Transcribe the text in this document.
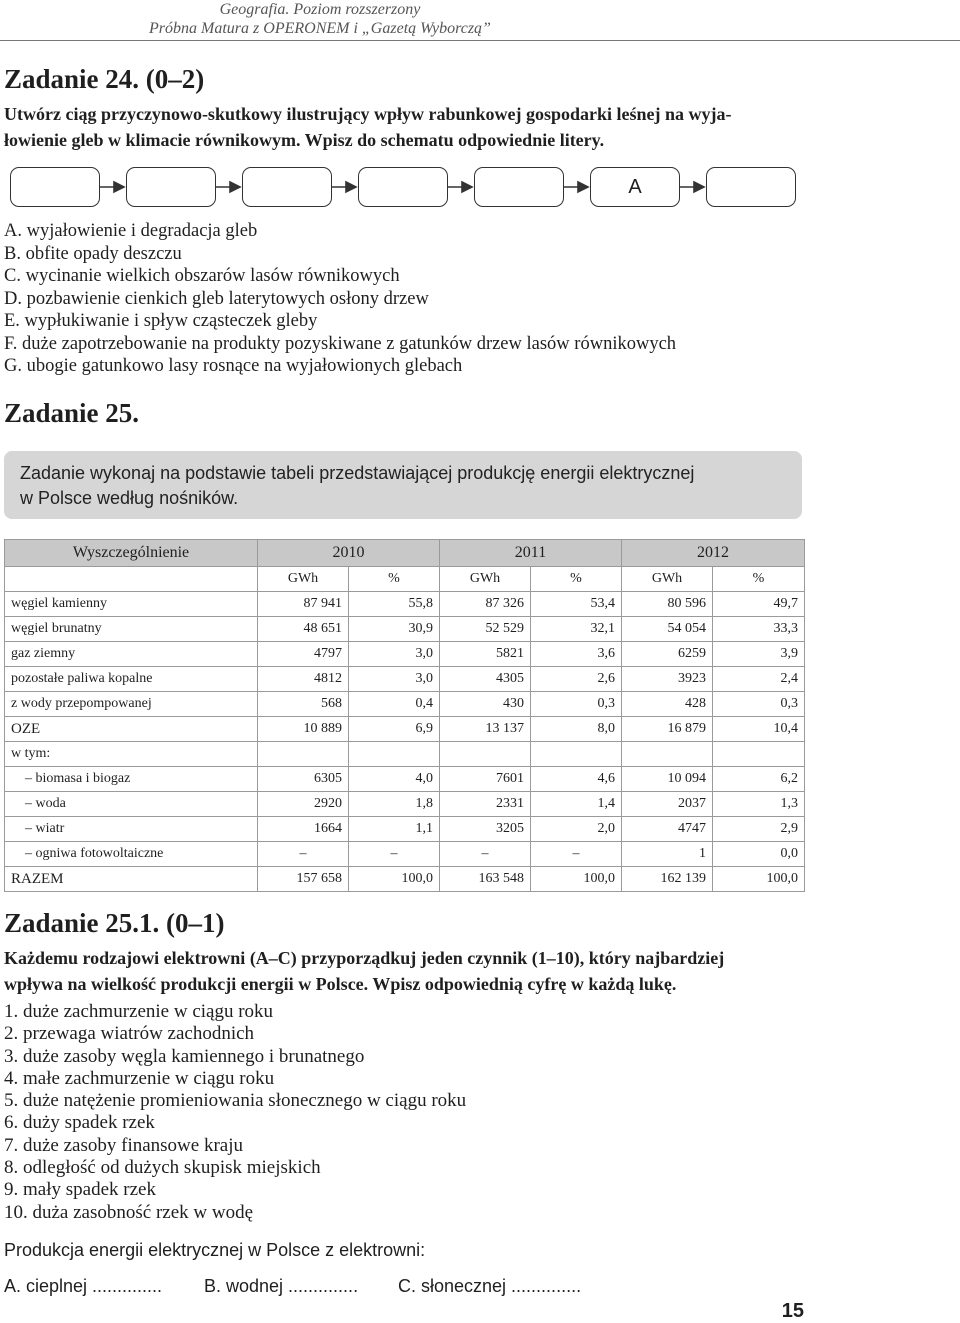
Geografia. Poziom rozszerzony
Próbna Matura z OPERONEM i „Gazetą Wyborczą”
Zadanie 24. (0–2)
Utwórz ciąg przyczynowo-skutkowy ilustrujący wpływ rabunkowej gospodarki leśnej na wyja-
łowienie gleb w klimacie równikowym. Wpisz do schematu odpowiednie litery.
A
A. wyjałowienie i degradacja gleb
B. obfite opady deszczu
C. wycinanie wielkich obszarów lasów równikowych
D. pozbawienie cienkich gleb laterytowych osłony drzew
E. wypłukiwanie i spływ cząsteczek gleby
F. duże zapotrzebowanie na produkty pozyskiwane z gatunków drzew lasów równikowych
G. ubogie gatunkowo lasy rosnące na wyjałowionych glebach
Zadanie 25.
Zadanie wykonaj na podstawie tabeli przedstawiającej produkcję energii elektrycznej
w Polsce według nośników.
Wyszczególnienie	2010		2011		2012	
	GWh	%	GWh	%	GWh	%
węgiel kamienny	87 941	55,8	87 326	53,4	80 596	49,7
węgiel brunatny	48 651	30,9	52 529	32,1	54 054	33,3
gaz ziemny	4797	3,0	5821	3,6	6259	3,9
pozostałe paliwa kopalne	4812	3,0	4305	2,6	3923	2,4
z wody przepompowanej	568	0,4	430	0,3	428	0,3
OZE	10 889	6,9	13 137	8,0	16 879	10,4
w tym:						
– biomasa i biogaz	6305	4,0	7601	4,6	10 094	6,2
– woda	2920	1,8	2331	1,4	2037	1,3
– wiatr	1664	1,1	3205	2,0	4747	2,9
– ogniwa fotowoltaiczne	–	–	–	–	1	0,0
RAZEM	157 658	100,0	163 548	100,0	162 139	100,0
Zadanie 25.1. (0–1)
Każdemu rodzajowi elektrowni (A–C) przyporządkuj jeden czynnik (1–10), który najbardziej
wpływa na wielkość produkcji energii w Polsce. Wpisz odpowiednią cyfrę w każdą lukę.
1. duże zachmurzenie w ciągu roku
2. przewaga wiatrów zachodnich
3. duże zasoby węgla kamiennego i brunatnego
4. małe zachmurzenie w ciągu roku
5. duże natężenie promieniowania słonecznego w ciągu roku
6. duży spadek rzek
7. duże zasoby finansowe kraju
8. odległość od dużych skupisk miejskich
9. mały spadek rzek
10. duża zasobność rzek w wodę
Produkcja energii elektrycznej w Polsce z elektrowni:
A. cieplnej .............. B. wodnej .............. C. słonecznej ..............
15
